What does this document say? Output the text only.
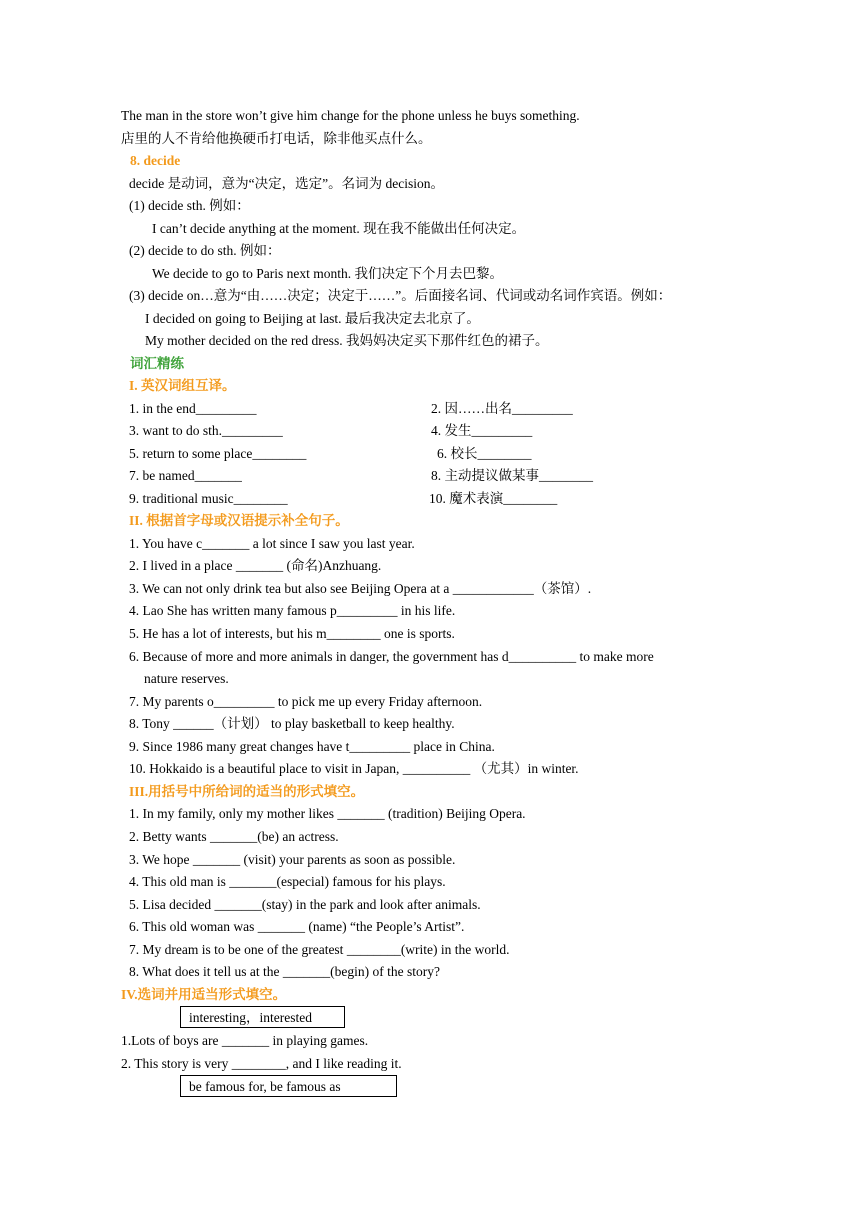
The man in the store won’t give him change for the phone unless he buys something.
店里的人不肯给他换硬币打电话，除非他买点什么。
8. decide
decide 是动词，意为“决定，选定”。名词为 decision。
(1) decide sth. 例如：
I can’t decide anything at the moment. 现在我不能做出任何决定。
(2) decide to do sth. 例如：
We decide to go to Paris next month. 我们决定下个月去巴黎。
(3) decide on…意为“由……决定；决定于……”。后面接名词、代词或动名词作宾语。例如：
I decided on going to Beijing at last. 最后我决定去北京了。
My mother decided on the red dress. 我妈妈决定买下那件红色的裙子。
词汇精练
I. 英汉词组互译。
1. in the end_________	2. 因……出名_________
3. want to do sth._________	4. 发生_________
5. return to some place________	6. 校长________
7. be named_______	8. 主动提议做某事________
9. traditional music________	10. 魔术表演________
II. 根据首字母或汉语提示补全句子。
1. You have c_______ a lot since I saw you last year.
2. I lived in a place _______ (命名)Anzhuang.
3. We can not only drink tea but also see Beijing Opera at a ____________（茶馆）.
4. Lao She has written many famous p_________ in his life.
5. He has a lot of interests, but his m________ one is sports.
6. Because of more and more animals in danger, the government has d__________ to make more
nature reserves.
7. My parents o_________ to pick me up every Friday afternoon.
8. Tony ______（计划） to play basketball to keep healthy.
9. Since 1986 many great changes have t_________ place in China.
10. Hokkaido is a beautiful place to visit in Japan, __________ （尤其）in winter.
III.用括号中所给词的适当的形式填空。
1. In my family, only my mother likes _______ (tradition) Beijing Opera.
2. Betty wants _______(be) an actress.
3. We hope _______ (visit) your parents as soon as possible.
4. This old man is _______(especial) famous for his plays.
5. Lisa decided _______(stay) in the park and look after animals.
6. This old woman was _______ (name) “the People’s Artist”.
7. My dream is to be one of the greatest ________(write) in the world.
8. What does it tell us at the _______(begin) of the story?
IV.选词并用适当形式填空。
interesting，interested
1.Lots of boys are _______ in playing games.
2. This story is very ________, and I like reading it.
be famous for, be famous as
